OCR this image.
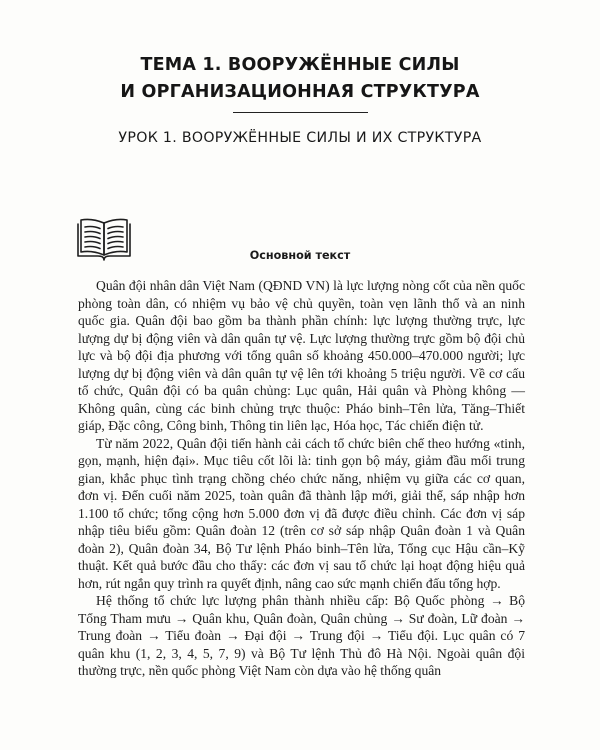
ТЕМА 1. ВООРУЖЁННЫЕ СИЛЫ
И ОРГАНИЗАЦИОННАЯ СТРУКТУРА
УРОК 1. ВООРУЖЁННЫЕ СИЛЫ И ИХ СТРУКТУРА
Основной текст

Quân đội nhân dân Việt Nam (QĐND VN) là lực lượng nòng cốt của nền quốc phòng toàn dân, có nhiệm vụ bảo vệ chủ quyền, toàn vẹn lãnh thổ và an ninh quốc gia. Quân đội bao gồm ba thành phần chính: lực lượng thường trực, lực lượng dự bị động viên và dân quân tự vệ. Lực lượng thường trực gồm bộ đội chủ lực và bộ đội địa phương với tổng quân số khoảng 450.000–470.000 người; lực lượng dự bị động viên và dân quân tự vệ lên tới khoảng 5 triệu người. Về cơ cấu tổ chức, Quân đội có ba quân chủng: Lục quân, Hải quân và Phòng không — Không quân, cùng các binh chủng trực thuộc: Pháo binh–Tên lửa, Tăng–Thiết giáp, Đặc công, Công binh, Thông tin liên lạc, Hóa học, Tác chiến điện tử.

Từ năm 2022, Quân đội tiến hành cải cách tổ chức biên chế theo hướng «tinh, gọn, mạnh, hiện đại». Mục tiêu cốt lõi là: tinh gọn bộ máy, giảm đầu mối trung gian, khắc phục tình trạng chồng chéo chức năng, nhiệm vụ giữa các cơ quan, đơn vị. Đến cuối năm 2025, toàn quân đã thành lập mới, giải thể, sáp nhập hơn 1.100 tổ chức; tổng cộng hơn 5.000 đơn vị đã được điều chỉnh. Các đơn vị sáp nhập tiêu biểu gồm: Quân đoàn 12 (trên cơ sở sáp nhập Quân đoàn 1 và Quân đoàn 2), Quân đoàn 34, Bộ Tư lệnh Pháo binh–Tên lửa, Tổng cục Hậu cần–Kỹ thuật. Kết quả bước đầu cho thấy: các đơn vị sau tổ chức lại hoạt động hiệu quả hơn, rút ngắn quy trình ra quyết định, nâng cao sức mạnh chiến đấu tổng hợp.

Hệ thống tổ chức lực lượng phân thành nhiều cấp: Bộ Quốc phòng → Bộ Tổng Tham mưu → Quân khu, Quân đoàn, Quân chủng → Sư đoàn, Lữ đoàn → Trung đoàn → Tiểu đoàn → Đại đội → Trung đội → Tiểu đội. Lục quân có 7 quân khu (1, 2, 3, 4, 5, 7, 9) và Bộ Tư lệnh Thủ đô Hà Nội. Ngoài quân đội thường trực, nền quốc phòng Việt Nam còn dựa vào hệ thống quân
